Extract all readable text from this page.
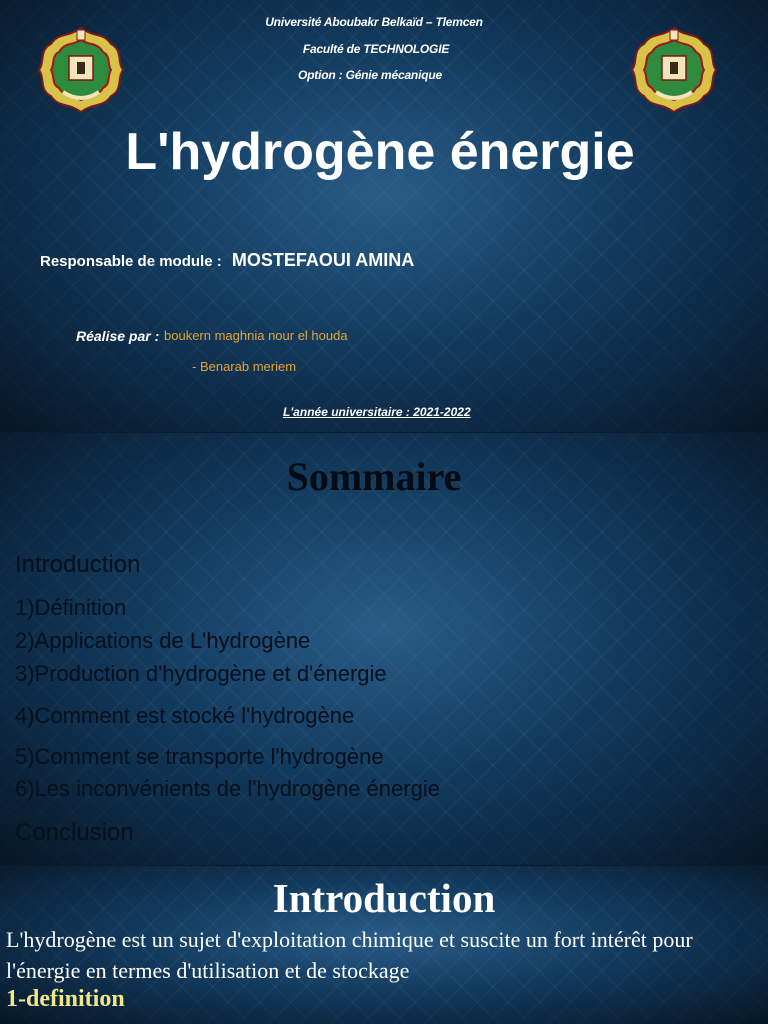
Université Aboubakr Belkaïd – Tlemcen
Faculté de TECHNOLOGIE
Option : Génie mécanique
L'hydrogène énergie
Responsable de module : MOSTEFAOUI AMINA
Réalise par : boukern maghnia nour el houda
- Benarab meriem
L'année universitaire : 2021-2022
Sommaire
Introduction
1)Définition
2)Applications de L'hydrogène
3)Production d'hydrogène et d'énergie
4)Comment est stocké l'hydrogène
5)Comment se transporte l'hydrogène
6)Les inconvénients de l'hydrogène énergie
Conclusion
Introduction
L'hydrogène est un sujet d'exploitation chimique et suscite un fort intérêt pour l'énergie en termes d'utilisation et de stockage
1-definition
